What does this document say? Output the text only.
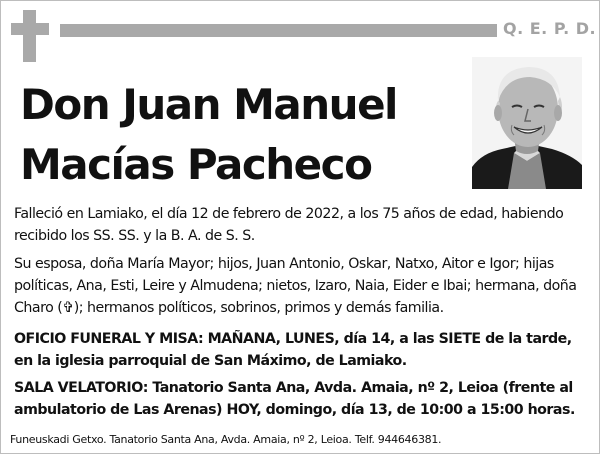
Q. E. P. D.
Don Juan Manuel
Macías Pacheco

Falleció en Lamiako, el día 12 de febrero de 2022, a los 75 años de edad, habiendo recibido los SS. SS. y la B. A. de S. S.

Su esposa, doña María Mayor; hijos, Juan Antonio, Oskar, Natxo, Aitor e Igor; hijas políticas, Ana, Esti, Leire y Almudena; nietos, Izaro, Naia, Eider e Ibai; hermana, doña Charo (✞); hermanos políticos, sobrinos, primos y demás familia.

OFICIO FUNERAL Y MISA: MAÑANA, LUNES, día 14, a las SIETE de la tarde, en la iglesia parroquial de San Máximo, de Lamiako.

SALA VELATORIO: Tanatorio Santa Ana, Avda. Amaia, nº 2, Leioa (frente al ambulatorio de Las Arenas) HOY, domingo, día 13, de 10:00 a 15:00 horas.

Funeuskadi Getxo. Tanatorio Santa Ana, Avda. Amaia, nº 2, Leioa. Telf. 944646381.
